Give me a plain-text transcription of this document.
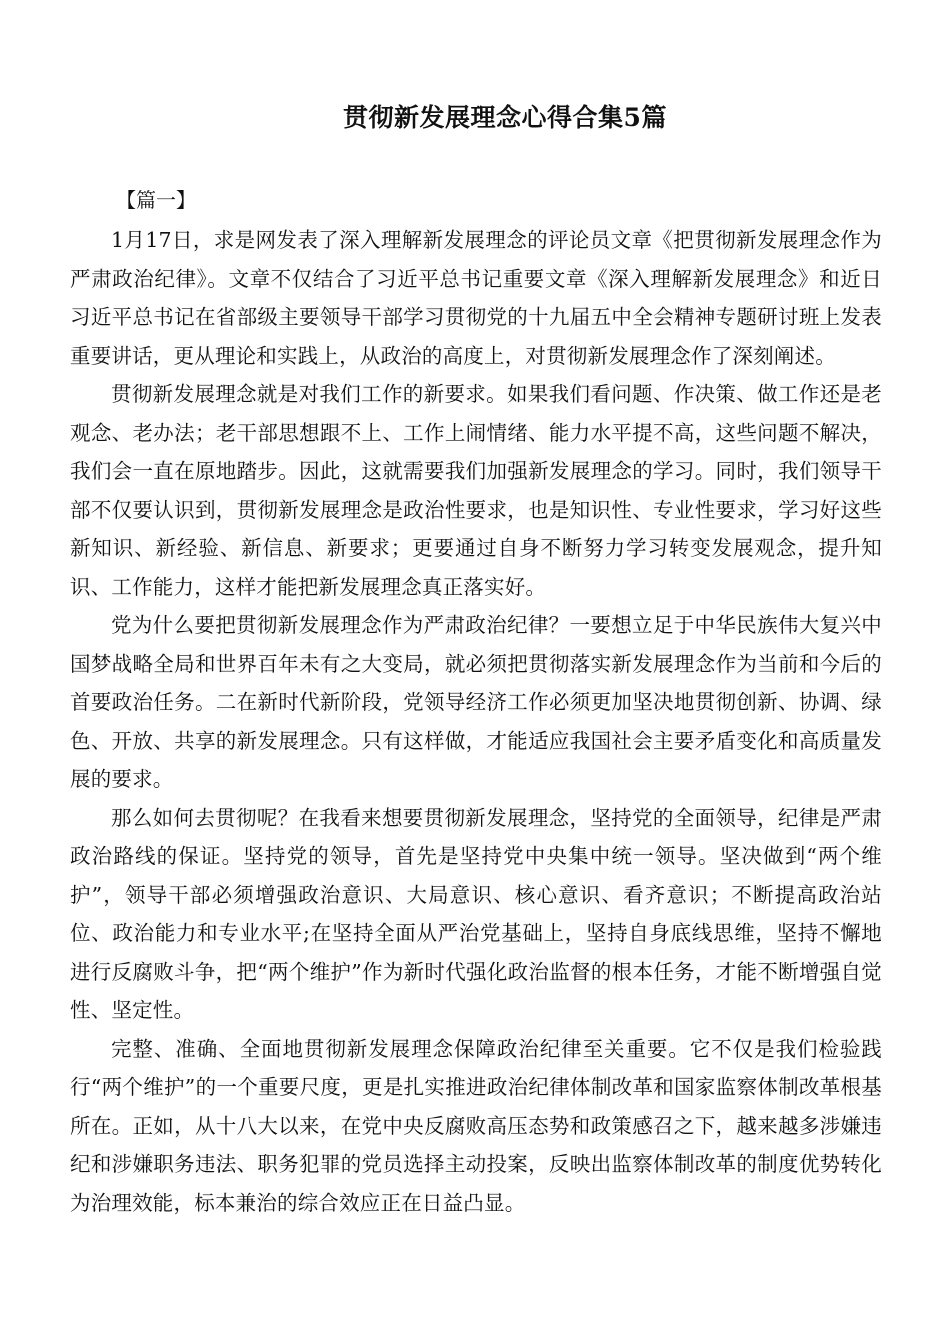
贯彻新发展理念心得合集5篇

【篇一】

1月17日，求是网发表了深入理解新发展理念的评论员文章《把贯彻新发展理念作为严肃政治纪律》。文章不仅结合了习近平总书记重要文章《深入理解新发展理念》和近日习近平总书记在省部级主要领导干部学习贯彻党的十九届五中全会精神专题研讨班上发表重要讲话，更从理论和实践上，从政治的高度上，对贯彻新发展理念作了深刻阐述。

贯彻新发展理念就是对我们工作的新要求。如果我们看问题、作决策、做工作还是老观念、老办法；老干部思想跟不上、工作上闹情绪、能力水平提不高，这些问题不解决，我们会一直在原地踏步。因此，这就需要我们加强新发展理念的学习。同时，我们领导干部不仅要认识到，贯彻新发展理念是政治性要求，也是知识性、专业性要求，学习好这些新知识、新经验、新信息、新要求；更要通过自身不断努力学习转变发展观念，提升知识、工作能力，这样才能把新发展理念真正落实好。

党为什么要把贯彻新发展理念作为严肃政治纪律？一要想立足于中华民族伟大复兴中国梦战略全局和世界百年未有之大变局，就必须把贯彻落实新发展理念作为当前和今后的首要政治任务。二在新时代新阶段，党领导经济工作必须更加坚决地贯彻创新、协调、绿色、开放、共享的新发展理念。只有这样做，才能适应我国社会主要矛盾变化和高质量发展的要求。

那么如何去贯彻呢？在我看来想要贯彻新发展理念，坚持党的全面领导，纪律是严肃政治路线的保证。坚持党的领导，首先是坚持党中央集中统一领导。坚决做到“两个维护”，领导干部必须增强政治意识、大局意识、核心意识、看齐意识；不断提高政治站位、政治能力和专业水平;在坚持全面从严治党基础上，坚持自身底线思维，坚持不懈地进行反腐败斗争，把“两个维护”作为新时代强化政治监督的根本任务，才能不断增强自觉性、坚定性。

完整、准确、全面地贯彻新发展理念保障政治纪律至关重要。它不仅是我们检验践行“两个维护”的一个重要尺度，更是扎实推进政治纪律体制改革和国家监察体制改革根基所在。正如，从十八大以来，在党中央反腐败高压态势和政策感召之下，越来越多涉嫌违纪和涉嫌职务违法、职务犯罪的党员选择主动投案，反映出监察体制改革的制度优势转化为治理效能，标本兼治的综合效应正在日益凸显。
